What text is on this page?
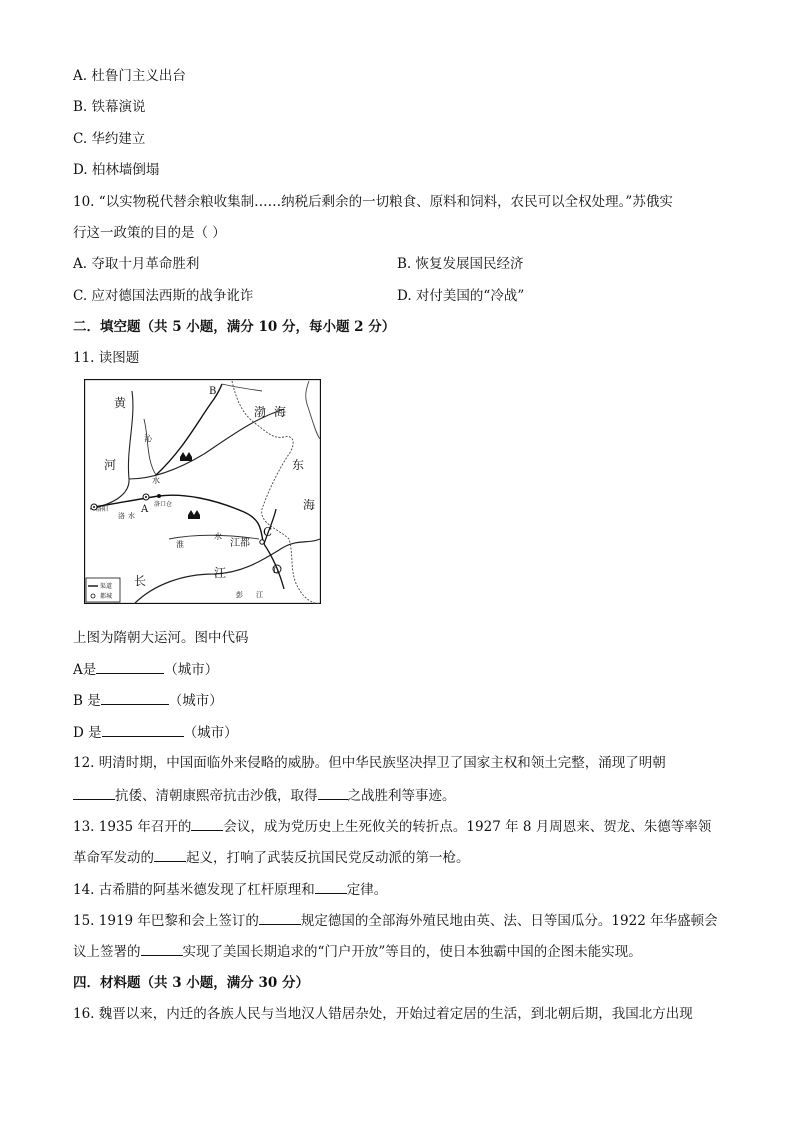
A. 杜鲁门主义出台
B. 铁幕演说
C. 华约建立
D. 柏林墙倒塌
10. “以实物税代替余粮收集制……纳税后剩余的一切粮食、原料和饲料，农民可以全权处理。”苏俄实
行这一政策的目的是（ ）
A. 夺取十月革命胜利	B. 恢复发展国民经济
C. 应对德国法西斯的战争讹诈	D. 对付美国的“冷战”
二．填空题（共 5 小题，满分 10 分，每小题 2 分）
11. 读图题
黄
河
渤 海
东
海
沁
水
洛阳
洛 水
洛口仓
淮
水
江都
长
江
彭 江
A
B
C
D
渠道
都城
上图为隋朝大运河。图中代码
A是	（城市）
B 是	（城市）
D 是	（城市）
12. 明清时期，中国面临外来侵略的威胁。但中华民族坚决捍卫了国家主权和领土完整，涌现了明朝
抗倭、清朝康熙帝抗击沙俄，取得 之战胜利等事迹。
13. 1935 年召开的 会议，成为党历史上生死攸关的转折点。1927 年 8 月周恩来、贺龙、朱德等率领
革命军发动的 起义，打响了武装反抗国民党反动派的第一枪。
14. 古希腊的阿基米德发现了杠杆原理和 定律。
15. 1919 年巴黎和会上签订的	规定德国的全部海外殖民地由英、法、日等国瓜分。1922 年华盛顿会
议上签署的	实现了美国长期追求的“门户开放”等目的，使日本独霸中国的企图未能实现。
四．材料题（共 3 小题，满分 30 分）
16. 魏晋以来，内迁的各族人民与当地汉人错居杂处，开始过着定居的生活，到北朝后期，我国北方出现
